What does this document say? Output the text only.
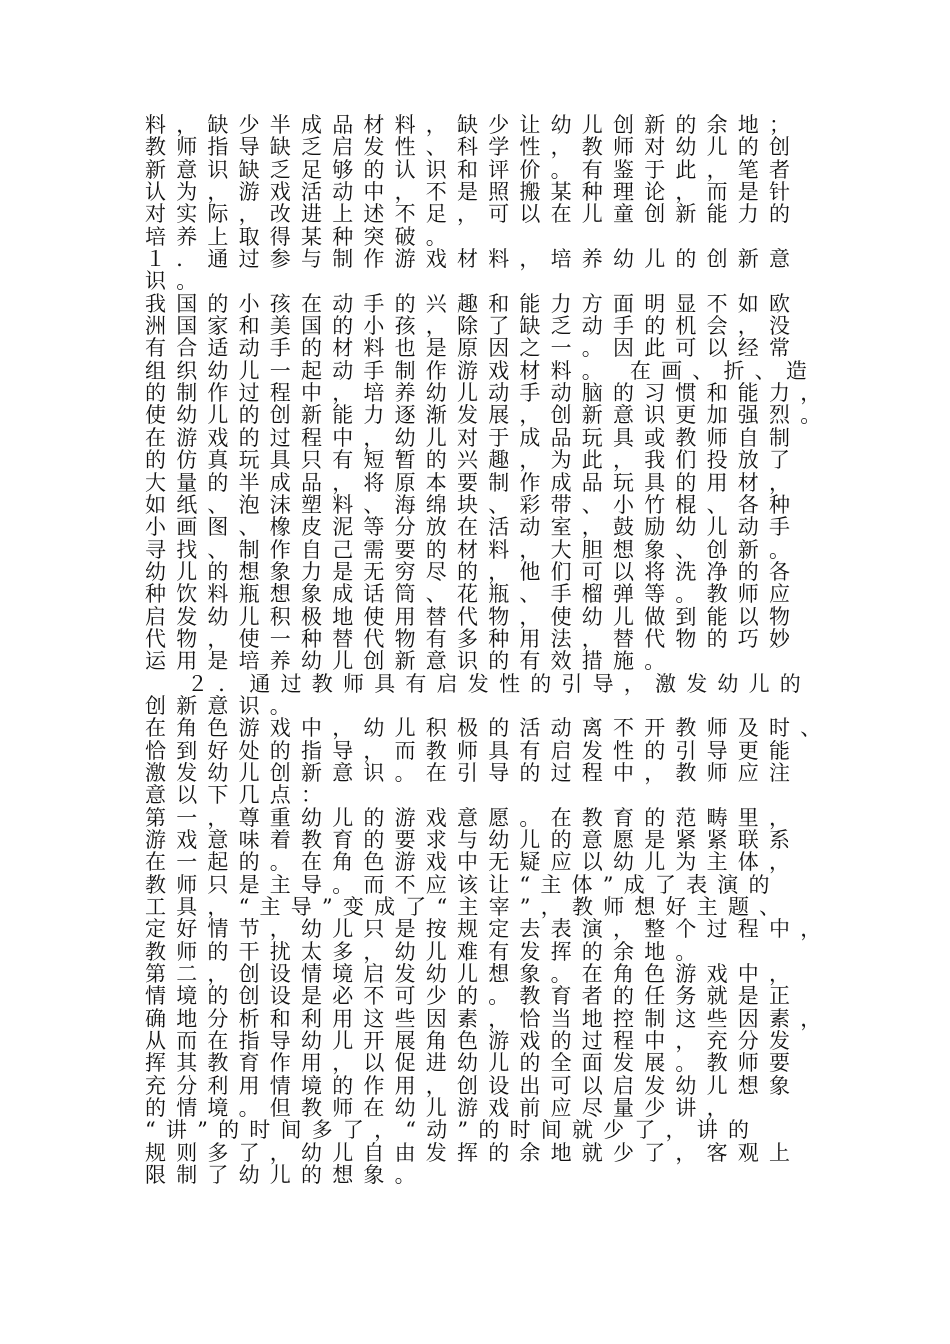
料，缺少半成品材料，缺少让幼儿创新的余地；
教师指导缺乏启发性、科学性，教师对幼儿的创
新意识缺乏足够的认识和评价。有鉴于此，笔者
认为，游戏活动中，不是照搬某种理论，而是针
对实际，改进上述不足，可以在儿童创新能力的
培养上取得某种突破。
１．通过参与制作游戏材料，培养幼儿的创新意
识。
我国的小孩在动手的兴趣和能力方面明显不如欧
洲国家和美国的小孩，除了缺乏动手的机会，没
有合适动手的材料也是原因之一。因此可以经常
组织幼儿一起动手制作游戏材料。 在画、折、造
的制作过程中，培养幼儿动手动脑的习惯和能力，
使幼儿的创新能力逐渐发展，创新意识更加强烈。
在游戏的过程中，幼儿对于成品玩具或教师自制
的仿真玩具只有短暂的兴趣，为此，我们投放了
大量的半成品，将原本要制作成品玩具的用材，
如纸、泡沫塑料、海绵块、彩带、小竹棍、各种
小画图、橡皮泥等分放在活动室，鼓励幼儿动手
寻找、制作自己需要的材料，大胆想象、创新。
幼儿的想象力是无穷尽的，他们可以将洗净的各
种饮料瓶想象成话筒、花瓶、手榴弹等。教师应
启发幼儿积极地使用替代物，使幼儿做到能以物
代物，使一种替代物有多种用法，替代物的巧妙
运用是培养幼儿创新意识的有效措施。
２．通过教师具有启发性的引导，激发幼儿的
创新意识。
在角色游戏中，幼儿积极的活动离不开教师及时、
恰到好处的指导，而教师具有启发性的引导更能
激发幼儿创新意识。在引导的过程中，教师应注
意以下几点：
第一，尊重幼儿的游戏意愿。在教育的范畴里，
游戏意味着教育的要求与幼儿的意愿是紧紧联系
在一起的。在角色游戏中无疑应以幼儿为主体，
教师只是主导。而不应该让“主体”成了表演的
工具，“主导”变成了“主宰”，教师想好主题、
定好情节，幼儿只是按规定去表演，整个过程中，
教师的干扰太多，幼儿难有发挥的余地。
第二，创设情境启发幼儿想象。在角色游戏中，
情境的创设是必不可少的。教育者的任务就是正
确地分析和利用这些因素，恰当地控制这些因素，
从而在指导幼儿开展角色游戏的过程中，充分发
挥其教育作用，以促进幼儿的全面发展。教师要
充分利用情境的作用，创设出可以启发幼儿想象
的情境。但教师在幼儿游戏前应尽量少讲，
“讲”的时间多了，“动”的时间就少了，讲的
规则多了，幼儿自由发挥的余地就少了，客观上
限制了幼儿的想象。
